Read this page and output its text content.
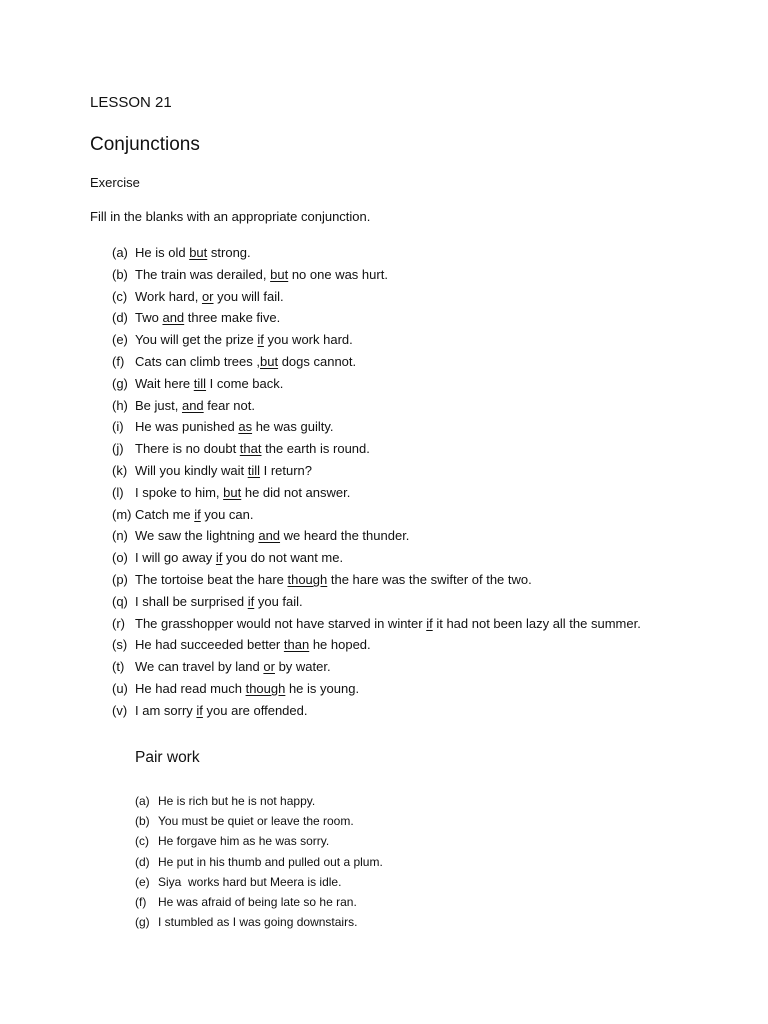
LESSON 21
Conjunctions
Exercise
Fill in the blanks with an appropriate conjunction.
(a) He is old but strong.
(b) The train was derailed, but no one was hurt.
(c) Work hard, or you will fail.
(d) Two and three make five.
(e) You will get the prize if you work hard.
(f) Cats can climb trees ,but dogs cannot.
(g) Wait here till I come back.
(h) Be just, and fear not.
(i) He was punished as he was guilty.
(j) There is no doubt that the earth is round.
(k) Will you kindly wait till I return?
(l) I spoke to him, but he did not answer.
(m) Catch me if you can.
(n) We saw the lightning and we heard the thunder.
(o) I will go away if you do not want me.
(p) The tortoise beat the hare though the hare was the swifter of the two.
(q) I shall be surprised if you fail.
(r) The grasshopper would not have starved in winter if it had not been lazy all the summer.
(s) He had succeeded better than he hoped.
(t) We can travel by land or by water.
(u) He had read much though he is young.
(v) I am sorry if you are offended.
Pair work
(a) He is rich but he is not happy.
(b) You must be quiet or leave the room.
(c) He forgave him as he was sorry.
(d) He put in his thumb and pulled out a plum.
(e) Siya  works hard but Meera is idle.
(f) He was afraid of being late so he ran.
(g) I stumbled as I was going downstairs.
